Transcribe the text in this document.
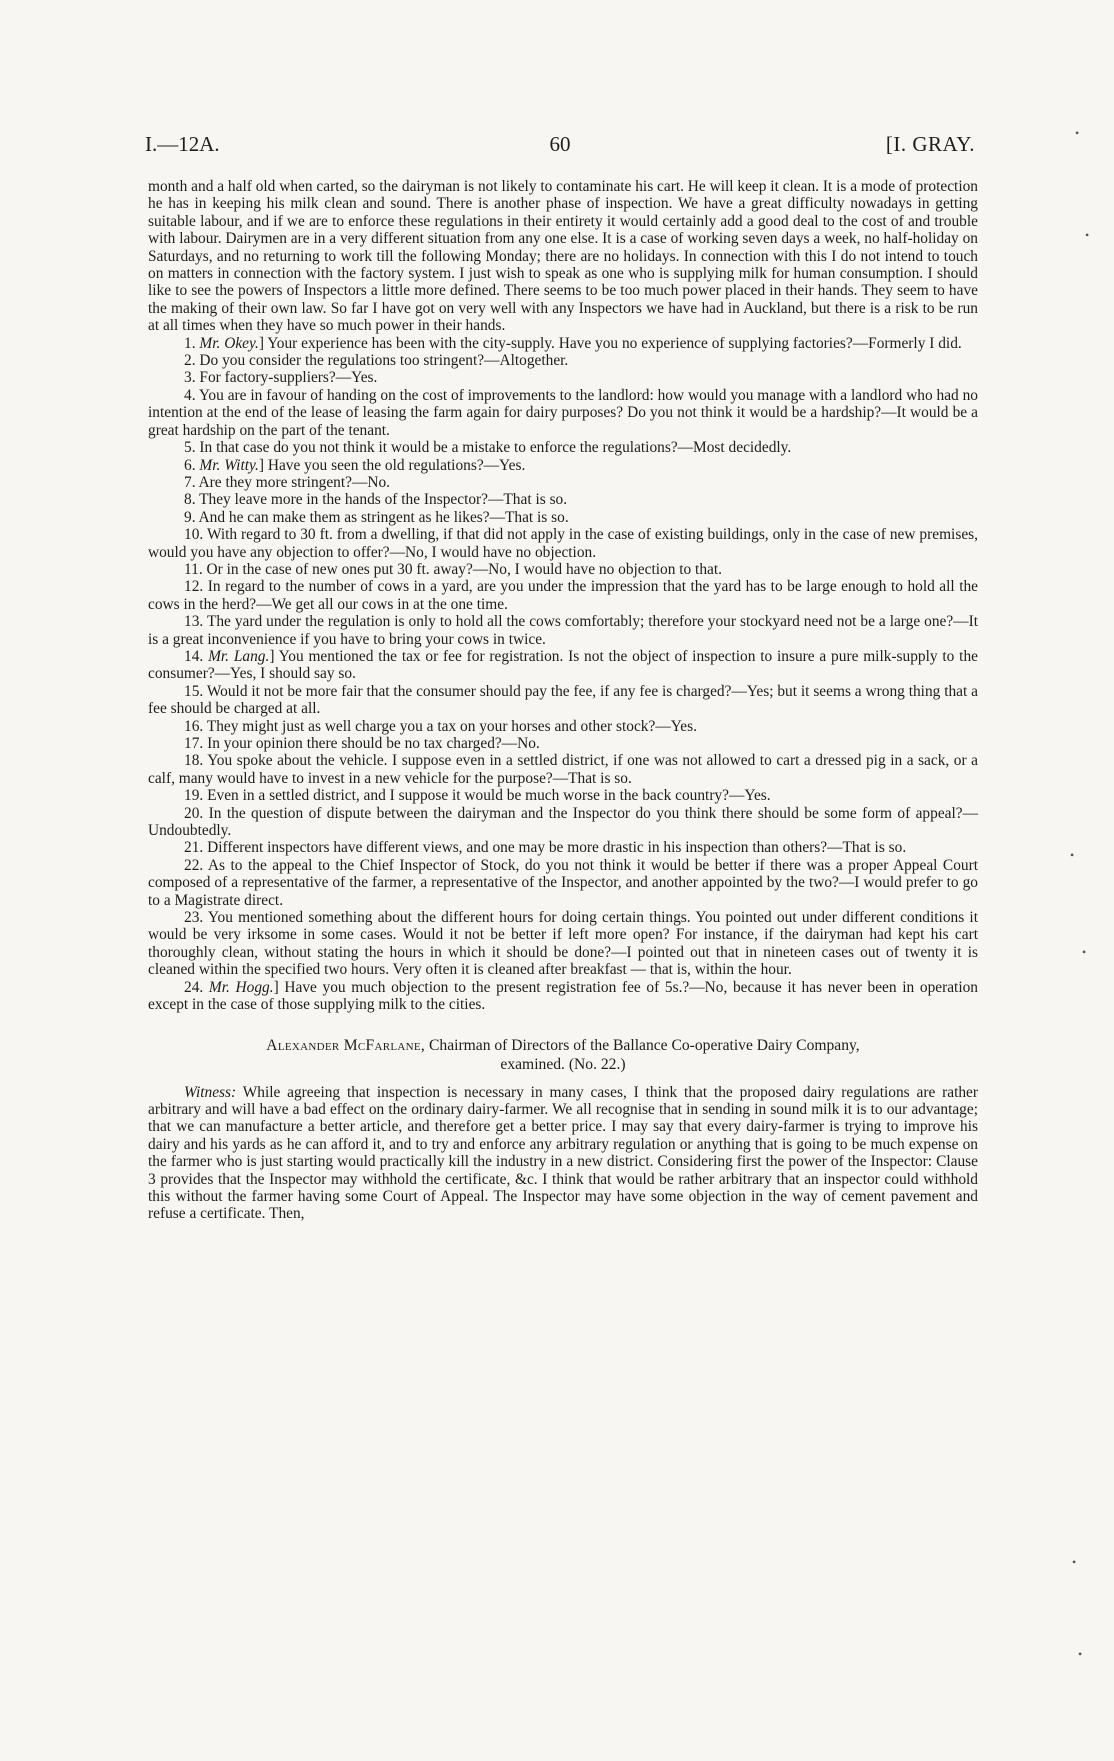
I.—12A.	60	[I. GRAY.

month and a half old when carted, so the dairyman is not likely to contaminate his cart. He will keep it clean. It is a mode of protection he has in keeping his milk clean and sound. There is another phase of inspection. We have a great difficulty nowadays in getting suitable labour, and if we are to enforce these regulations in their entirety it would certainly add a good deal to the cost of and trouble with labour. Dairymen are in a very different situation from any one else. It is a case of working seven days a week, no half-holiday on Saturdays, and no returning to work till the following Monday; there are no holidays. In connection with this I do not intend to touch on matters in connection with the factory system. I just wish to speak as one who is supplying milk for human consumption. I should like to see the powers of Inspectors a little more defined. There seems to be too much power placed in their hands. They seem to have the making of their own law. So far I have got on very well with any Inspectors we have had in Auckland, but there is a risk to be run at all times when they have so much power in their hands.

1. Mr. Okey.] Your experience has been with the city-supply. Have you no experience of supplying factories?—Formerly I did.

2. Do you consider the regulations too stringent?—Altogether.

3. For factory-suppliers?—Yes.

4. You are in favour of handing on the cost of improvements to the landlord: how would you manage with a landlord who had no intention at the end of the lease of leasing the farm again for dairy purposes? Do you not think it would be a hardship?—It would be a great hardship on the part of the tenant.

5. In that case do you not think it would be a mistake to enforce the regulations?—Most decidedly.

6. Mr. Witty.] Have you seen the old regulations?—Yes.

7. Are they more stringent?—No.

8. They leave more in the hands of the Inspector?—That is so.

9. And he can make them as stringent as he likes?—That is so.

10. With regard to 30 ft. from a dwelling, if that did not apply in the case of existing buildings, only in the case of new premises, would you have any objection to offer?—No, I would have no objection.

11. Or in the case of new ones put 30 ft. away?—No, I would have no objection to that.

12. In regard to the number of cows in a yard, are you under the impression that the yard has to be large enough to hold all the cows in the herd?—We get all our cows in at the one time.

13. The yard under the regulation is only to hold all the cows comfortably; therefore your stockyard need not be a large one?—It is a great inconvenience if you have to bring your cows in twice.

14. Mr. Lang.] You mentioned the tax or fee for registration. Is not the object of inspection to insure a pure milk-supply to the consumer?—Yes, I should say so.

15. Would it not be more fair that the consumer should pay the fee, if any fee is charged?—Yes; but it seems a wrong thing that a fee should be charged at all.

16. They might just as well charge you a tax on your horses and other stock?—Yes.

17. In your opinion there should be no tax charged?—No.

18. You spoke about the vehicle. I suppose even in a settled district, if one was not allowed to cart a dressed pig in a sack, or a calf, many would have to invest in a new vehicle for the purpose?—That is so.

19. Even in a settled district, and I suppose it would be much worse in the back country?—Yes.

20. In the question of dispute between the dairyman and the Inspector do you think there should be some form of appeal?—Undoubtedly.

21. Different inspectors have different views, and one may be more drastic in his inspection than others?—That is so.

22. As to the appeal to the Chief Inspector of Stock, do you not think it would be better if there was a proper Appeal Court composed of a representative of the farmer, a representative of the Inspector, and another appointed by the two?—I would prefer to go to a Magistrate direct.

23. You mentioned something about the different hours for doing certain things. You pointed out under different conditions it would be very irksome in some cases. Would it not be better if left more open? For instance, if the dairyman had kept his cart thoroughly clean, without stating the hours in which it should be done?—I pointed out that in nineteen cases out of twenty it is cleaned within the specified two hours. Very often it is cleaned after breakfast — that is, within the hour.

24. Mr. Hogg.] Have you much objection to the present registration fee of 5s.?—No, because it has never been in operation except in the case of those supplying milk to the cities.

Alexander McFarlane, Chairman of Directors of the Ballance Co-operative Dairy Company,
examined. (No. 22.)

Witness: While agreeing that inspection is necessary in many cases, I think that the proposed dairy regulations are rather arbitrary and will have a bad effect on the ordinary dairy-farmer. We all recognise that in sending in sound milk it is to our advantage; that we can manufacture a better article, and therefore get a better price. I may say that every dairy-farmer is trying to improve his dairy and his yards as he can afford it, and to try and enforce any arbitrary regulation or anything that is going to be much expense on the farmer who is just starting would practically kill the industry in a new district. Considering first the power of the Inspector: Clause 3 provides that the Inspector may withhold the certificate, &c. I think that would be rather arbitrary that an inspector could withhold this without the farmer having some Court of Appeal. The Inspector may have some objection in the way of cement pavement and refuse a certificate. Then,

•
•
•
•
•
•
